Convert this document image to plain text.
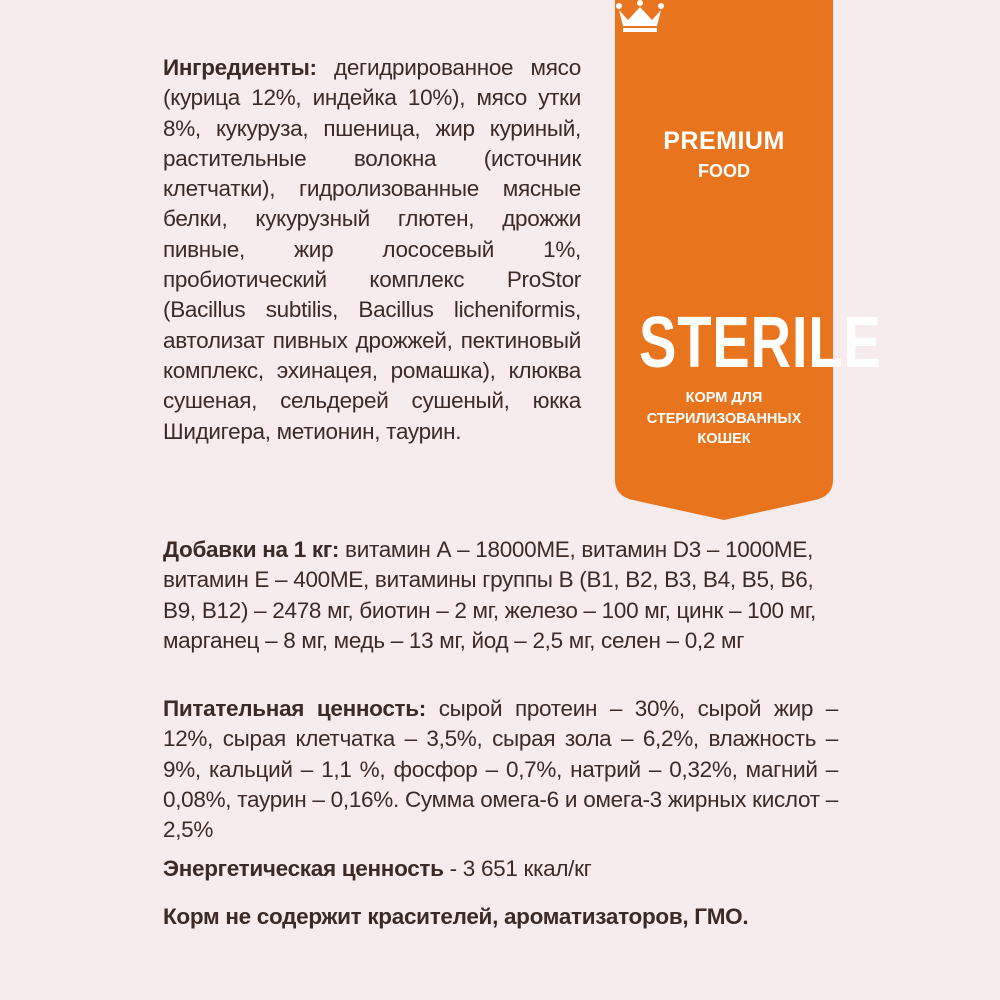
Ингредиенты: дегидрированное мясо (курица 12%, индейка 10%), мясо утки 8%, кукуруза, пшеница, жир куриный, растительные волокна (источник клетчатки), гидролизованные мясные белки, кукурузный глютен, дрожжи пивные, жир лососевый 1%, пробиотический комплекс ProStor (Bacillus subtilis, Bacillus licheniformis, автолизат пивных дрожжей, пектиновый комплекс, эхинацея, ромашка), клюква сушеная, сельдерей сушеный, юкка Шидигера, метионин, таурин.
PREMIUM
FOOD
STERILE
КОРМ ДЛЯ
СТЕРИЛИЗОВАННЫХ
КОШЕК
Добавки на 1 кг: витамин А – 18000МЕ, витамин D3 – 1000МЕ, витамин Е – 400МЕ, витамины группы В (В1, В2, В3, В4, В5, В6, В9, В12) – 2478 мг, биотин – 2 мг, железо – 100 мг, цинк – 100 мг, марганец – 8 мг, медь – 13 мг, йод – 2,5 мг, селен – 0,2 мг
Питательная ценность: сырой протеин – 30%, сырой жир – 12%, сырая клетчатка – 3,5%, сырая зола – 6,2%, влажность – 9%, кальций – 1,1 %, фосфор – 0,7%, натрий – 0,32%, магний – 0,08%, таурин – 0,16%. Сумма омега-6 и омега-3 жирных кислот – 2,5%
Энергетическая ценность - 3 651 ккал/кг
Корм не содержит красителей, ароматизаторов, ГМО.
